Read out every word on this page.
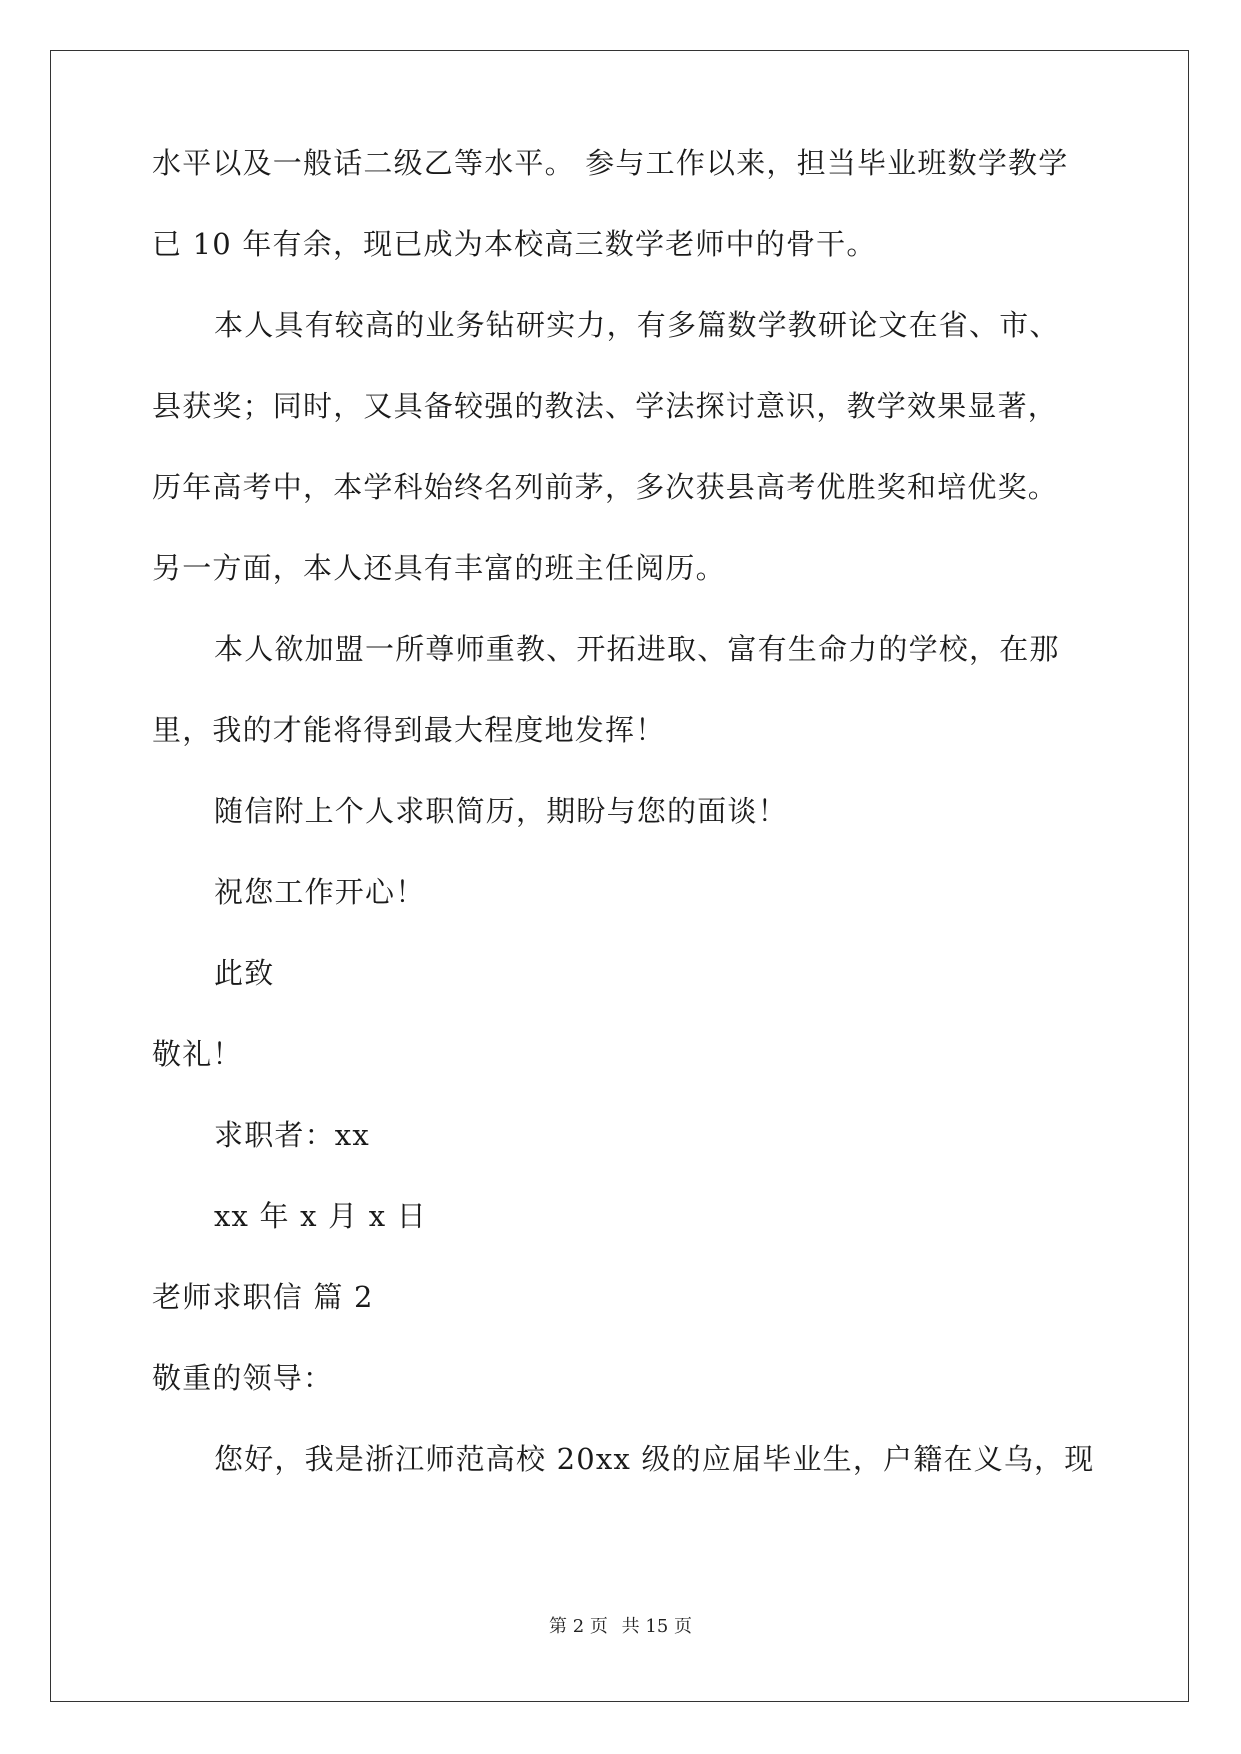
水平以及一般话二级乙等水平。 参与工作以来，担当毕业班数学教学
已 10 年有余，现已成为本校高三数学老师中的骨干。
本人具有较高的业务钻研实力，有多篇数学教研论文在省、市、
县获奖；同时，又具备较强的教法、学法探讨意识，教学效果显著，
历年高考中，本学科始终名列前茅，多次获县高考优胜奖和培优奖。
另一方面，本人还具有丰富的班主任阅历。
本人欲加盟一所尊师重教、开拓进取、富有生命力的学校，在那
里，我的才能将得到最大程度地发挥！
随信附上个人求职简历，期盼与您的面谈！
祝您工作开心！
此致
敬礼！
求职者：xx
xx 年 x 月 x 日
老师求职信 篇 2
敬重的领导：
您好，我是浙江师范高校 20xx 级的应届毕业生，户籍在义乌，现
第 2 页 共 15 页
